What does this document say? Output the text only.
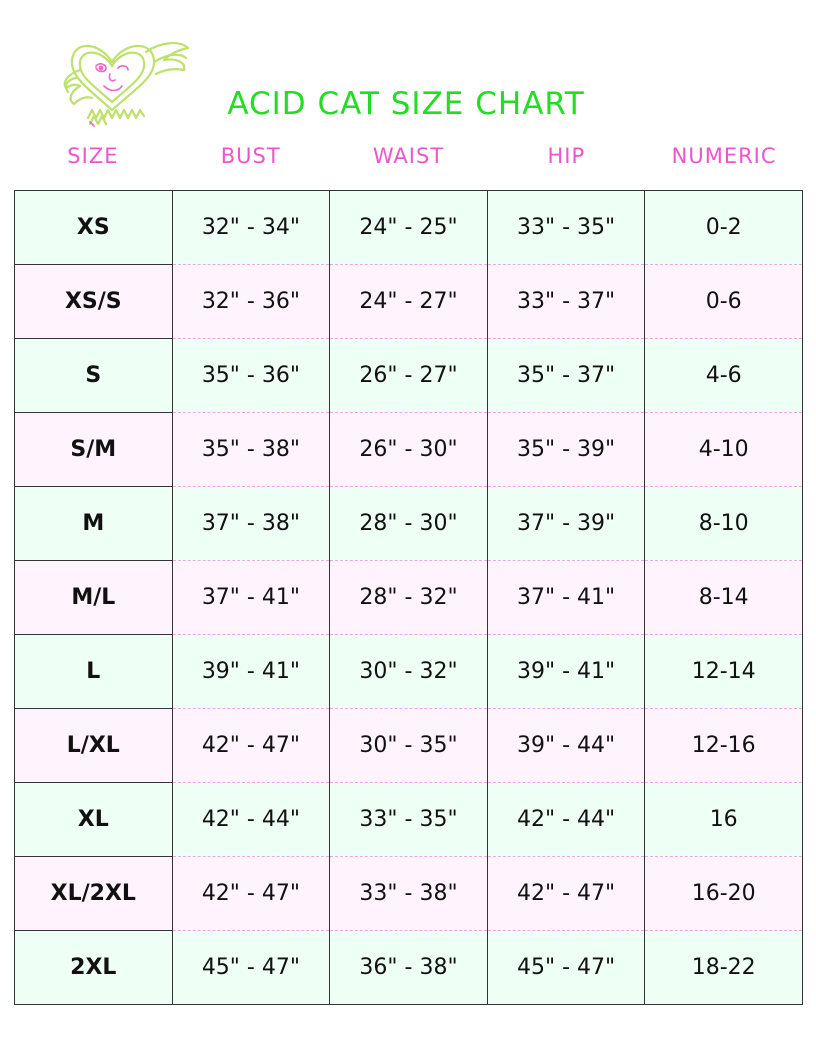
ACID CAT SIZE CHART
SIZE	BUST	WAIST	HIP	NUMERIC
XS	32" - 34"	24" - 25"	33" - 35"	0-2
XS/S	32" - 36"	24" - 27"	33" - 37"	0-6
S	35" - 36"	26" - 27"	35" - 37"	4-6
S/M	35" - 38"	26" - 30"	35" - 39"	4-10
M	37" - 38"	28" - 30"	37" - 39"	8-10
M/L	37" - 41"	28" - 32"	37" - 41"	8-14
L	39" - 41"	30" - 32"	39" - 41"	12-14
L/XL	42" - 47"	30" - 35"	39" - 44"	12-16
XL	42" - 44"	33" - 35"	42" - 44"	16
XL/2XL	42" - 47"	33" - 38"	42" - 47"	16-20
2XL	45" - 47"	36" - 38"	45" - 47"	18-22
